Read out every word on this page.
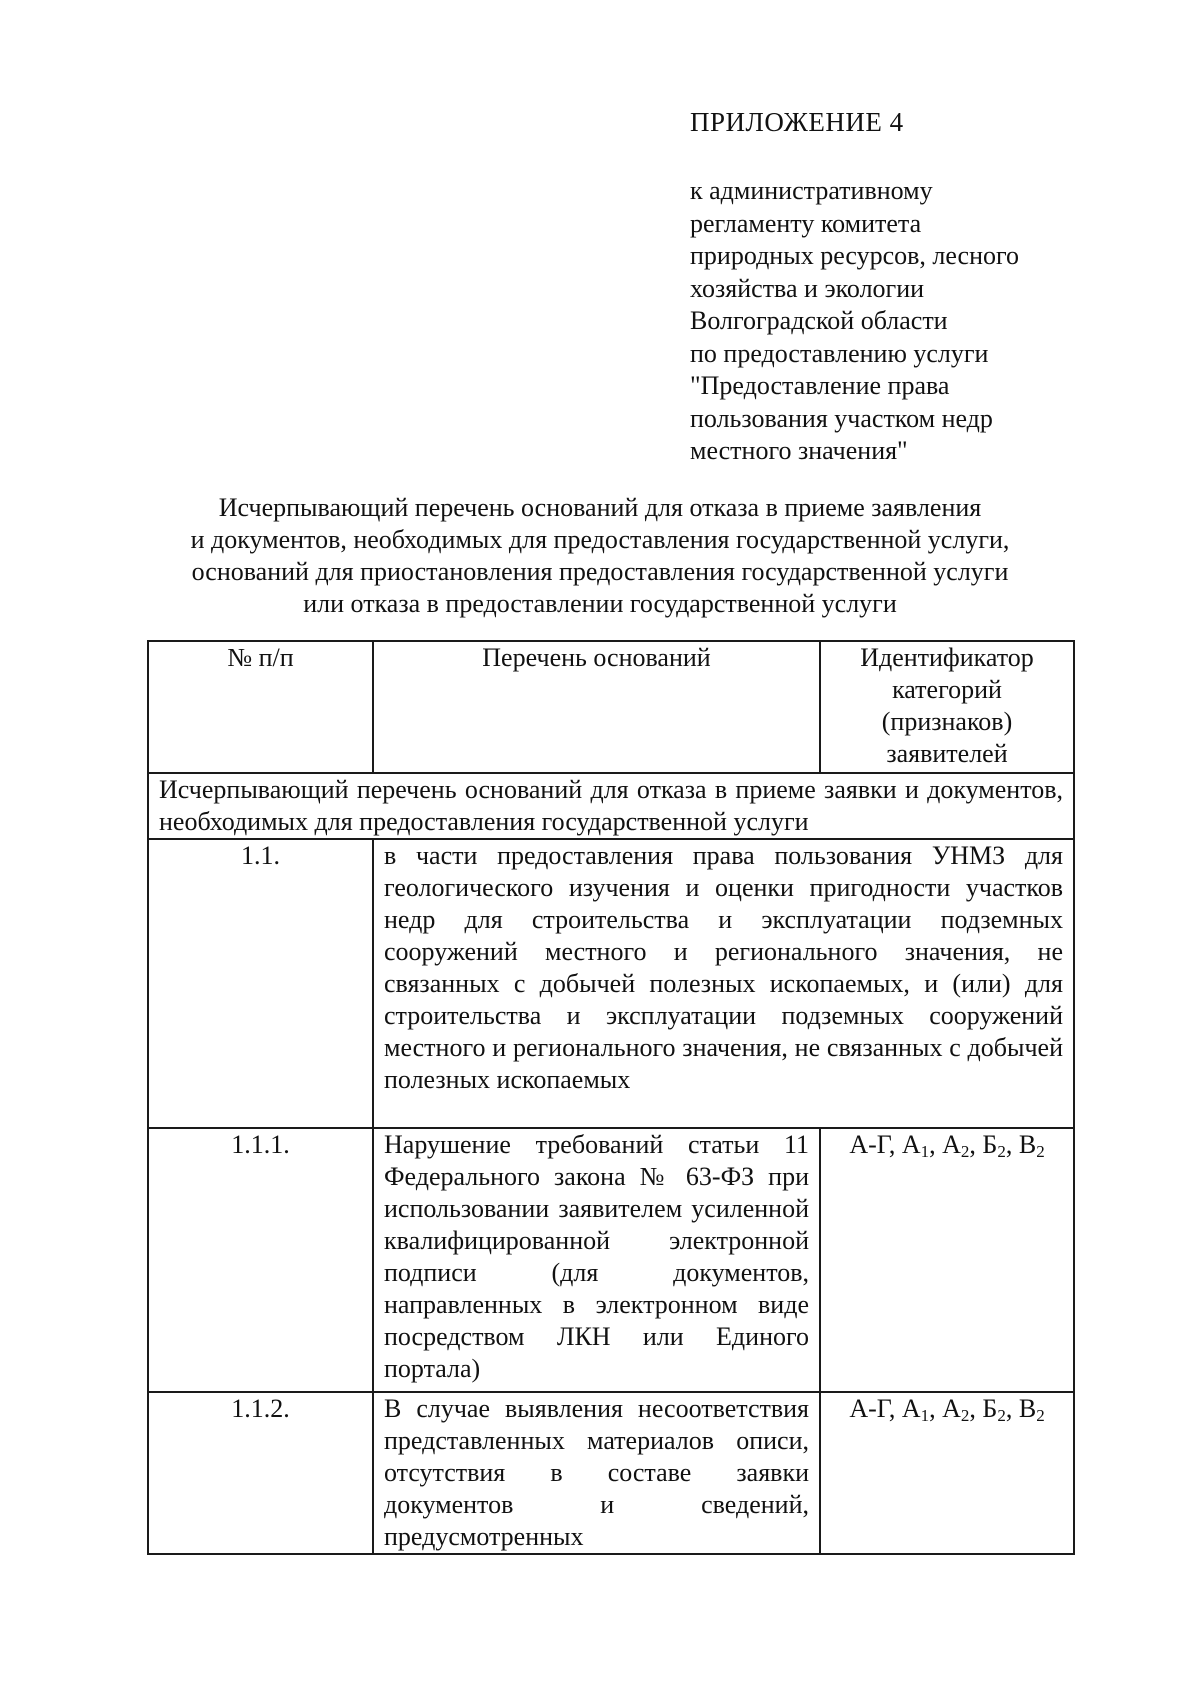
ПРИЛОЖЕНИЕ 4
к административному
регламенту комитета
природных ресурсов, лесного
хозяйства и экологии
Волгоградской области
по предоставлению услуги
"Предоставление права
пользования участком недр
местного значения"
Исчерпывающий перечень оснований для отказа в приеме заявления
и документов, необходимых для предоставления государственной услуги,
оснований для приостановления предоставления государственной услуги
или отказа в предоставлении государственной услуги
№ п/п	Перечень оснований	Идентификатор категорий (признаков) заявителей
Исчерпывающий перечень оснований для отказа в приеме заявки и документов, необходимых для предоставления государственной услуги		
1.1.	в части предоставления права пользования УНМЗ для геологического изучения и оценки пригодности участков недр для строительства и эксплуатации подземных сооружений местного и регионального значения, не связанных с добычей полезных ископаемых, и (или) для строительства и эксплуатации подземных сооружений местного и регионального значения, не связанных с добычей полезных ископаемых	
1.1.1.	Нарушение требований статьи 11 Федерального закона № 63-ФЗ при использовании заявителем усиленной квалифицированной электронной подписи (для документов, направленных в электронном виде посредством ЛКН или Единого портала)	А-Г, $А_1$, $А_2$, $Б_2$, $В_2$
1.1.2.	В случае выявления несоответствия представленных материалов описи, отсутствия в составе заявки документов и сведений, предусмотренных	А-Г, $А_1$, $А_2$, $Б_2$, $В_2$
